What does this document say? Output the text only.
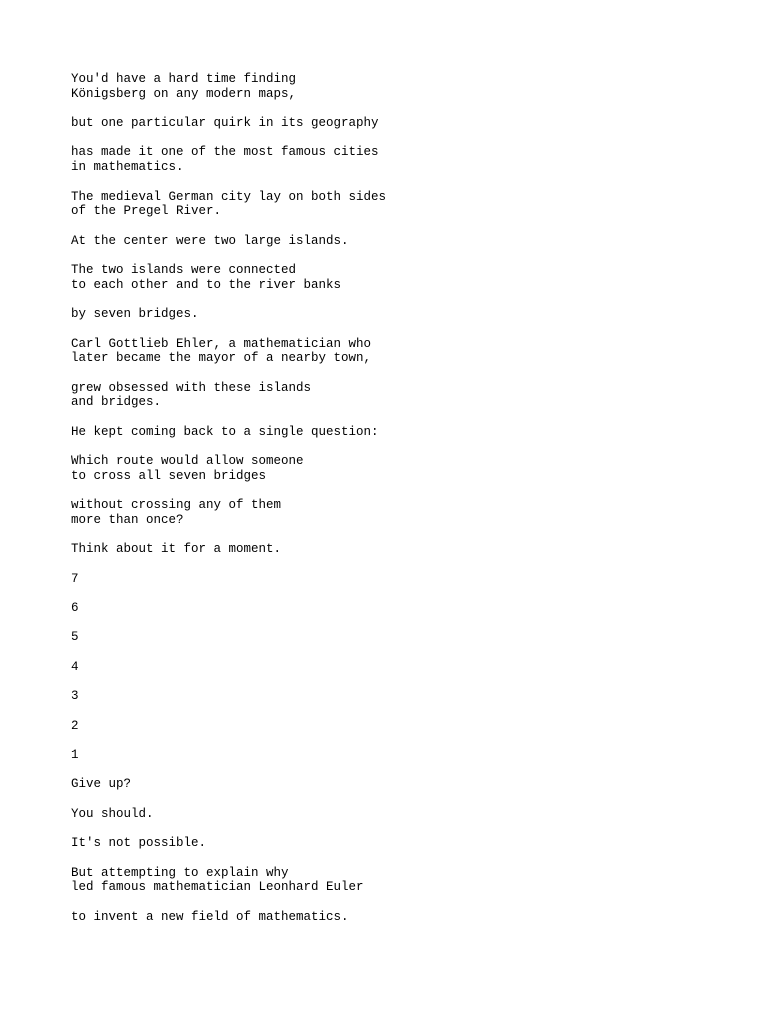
You'd have a hard time finding
Königsberg on any modern maps,

but one particular quirk in its geography

has made it one of the most famous cities
in mathematics.

The medieval German city lay on both sides
of the Pregel River.

At the center were two large islands.

The two islands were connected
to each other and to the river banks

by seven bridges.

Carl Gottlieb Ehler, a mathematician who
later became the mayor of a nearby town,

grew obsessed with these islands
and bridges.

He kept coming back to a single question:

Which route would allow someone
to cross all seven bridges

without crossing any of them
more than once?

Think about it for a moment.

7

6

5

4

3

2

1

Give up?

You should.

It's not possible.

But attempting to explain why
led famous mathematician Leonhard Euler

to invent a new field of mathematics.
